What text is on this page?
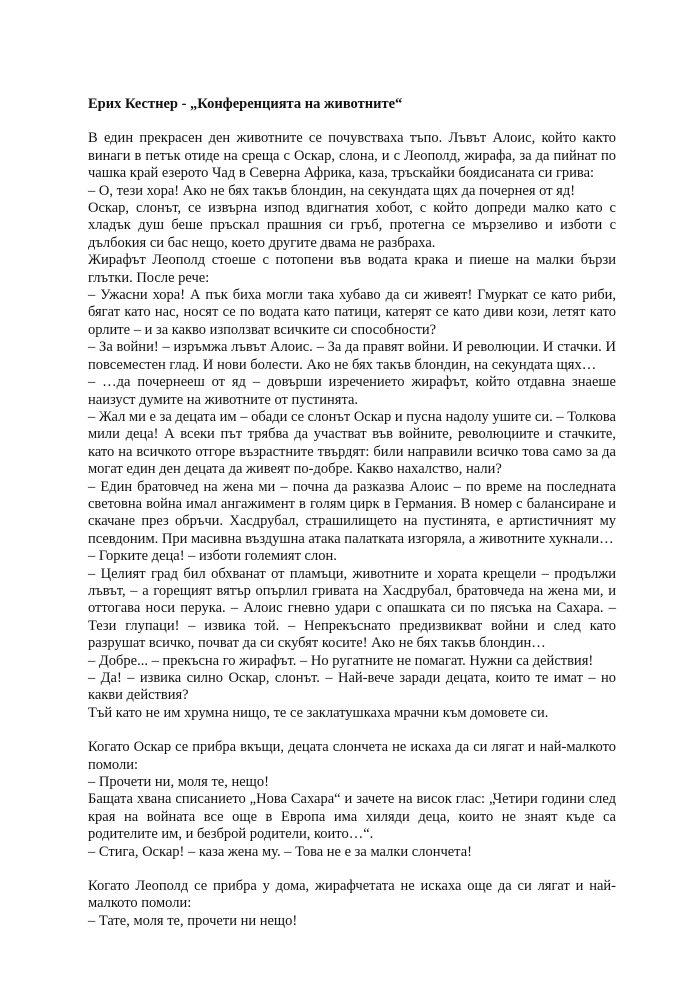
Ерих Кестнер - „Конференцията на животните“

В един прекрасен ден животните се почувстваха тъпо. Лъвът Алоис, който както винаги в петък отиде на среща с Оскар, слона, и с Леополд, жирафа, за да пийнат по чашка край езерото Чад в Северна Африка, каза, тръскайки боядисаната си грива:

– О, тези хора! Ако не бях такъв блондин, на секундата щях да почернея от яд!

Оскар, слонът, се извърна изпод вдигнатия хобот, с който допреди малко като с хладък душ беше пръскал прашния си гръб, протегна се мързеливо и изботи с дълбокия си бас нещо, което другите двама не разбраха.

Жирафът Леополд стоеше с потопени във водата крака и пиеше на малки бързи глътки. После рече:

– Ужасни хора! А пък биха могли така хубаво да си живеят! Гмуркат се като риби, бягат като нас, носят се по водата като патици, катерят се като диви кози, летят като орлите – и за какво използват всичките си способности?

– За войни! – изръмжа лъвът Алоис. – За да правят войни. И революции. И стачки. И повсеместен глад. И нови болести. Ако не бях такъв блондин, на секундата щях…

– …да почернееш от яд – довърши изречението жирафът, който отдавна знаеше наизуст думите на животните от пустинята.

– Жал ми е за децата им – обади се слонът Оскар и пусна надолу ушите си. – Толкова мили деца! А всеки път трябва да участват във войните, революциите и стачките, като на всичкото отгоре възрастните твърдят: били направили всичко това само за да могат един ден децата да живеят по-добре. Какво нахалство, нали?

– Един братовчед на жена ми – почна да разказва Алоис – по време на последната световна война имал ангажимент в голям цирк в Германия. В номер с балансиране и скачане през обръчи. Хасдрубал, страшилището на пустинята, е артистичният му псевдоним. При масивна въздушна атака палатката изгоряла, а животните хукнали…

– Горките деца! – изботи големият слон.

– Целият град бил обхванат от пламъци, животните и хората крещели – продължи лъвът, – а горещият вятър опърлил гривата на Хасдрубал, братовчеда на жена ми, и оттогава носи перука. – Алоис гневно удари с опашката си по пясъка на Сахара. – Тези глупаци! – извика той. – Непрекъснато предизвикват войни и след като разрушат всичко, почват да си скубят косите! Ако не бях такъв блондин…

– Добре... – прекъсна го жирафът. – Но ругатните не помагат. Нужни са действия!

– Да! – извика силно Оскар, слонът. – Най-вече заради децата, които те имат – но какви действия?

Тъй като не им хрумна нищо, те се заклатушкаха мрачни към домовете си.

Когато Оскар се прибра вкъщи, децата слончета не искаха да си лягат и най-малкото помоли:

– Прочети ни, моля те, нещо!

Бащата хвана списанието „Нова Сахара“ и зачете на висок глас: „Четири години след края на войната все още в Европа има хиляди деца, които не знаят къде са родителите им, и безброй родители, които…“.

– Стига, Оскар! – каза жена му. – Това не е за малки слончета!

Когато Леополд се прибра у дома, жирафчетата не искаха още да си лягат и най-малкото помоли:

– Тате, моля те, прочети ни нещо!
